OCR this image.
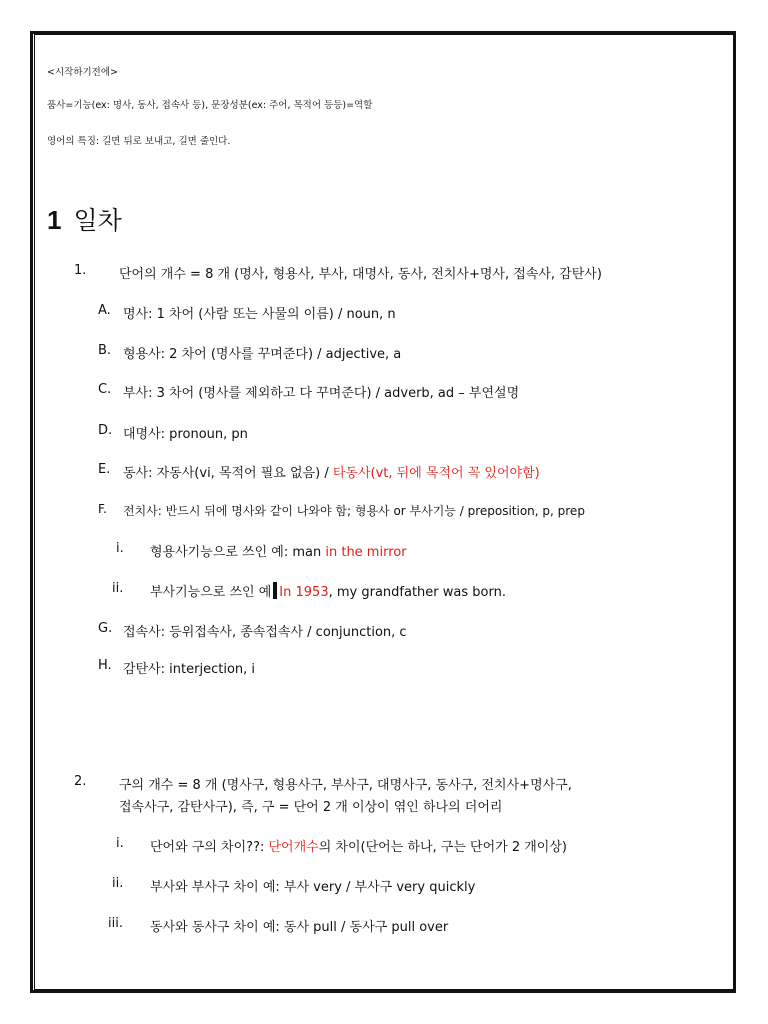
<시작하기전에>
품사=기능(ex: 명사, 동사, 접속사 등), 문장성분(ex: 주어, 목적어 등등)=역할
영어의 특징: 길면 뒤로 보내고, 길면 줄인다.
1 일차
1.	단어의 개수 = 8 개 (명사, 형용사, 부사, 대명사, 동사, 전치사+명사, 접속사, 감탄사)
A. 명사: 1 차어 (사람 또는 사물의 이름) / noun, n
B. 형용사: 2 차어 (명사를 꾸며준다) / adjective, a
C. 부사: 3 차어 (명사를 제외하고 다 꾸며준다) / adverb, ad – 부연설명
D. 대명사: pronoun, pn
E. 동사: 자동사(vi, 목적어 필요 없음) / 타동사(vt, 뒤에 목적어 꼭 있어야함)
F. 전치사: 반드시 뒤에 명사와 같이 나와야 함; 형용사 or 부사기능 / preposition, p, prep
i. 형용사기능으로 쓰인 예: man in the mirror
ii. 부사기능으로 쓰인 예 In 1953, my grandfather was born.
G. 접속사: 등위접속사, 종속접속사 / conjunction, c
H. 감탄사: interjection, i
2.	구의 개수 = 8 개 (명사구, 형용사구, 부사구, 대명사구, 동사구, 전치사+명사구,
접속사구, 감탄사구), 즉, 구 = 단어 2 개 이상이 엮인 하나의 더어리
i. 단어와 구의 차이??: 단어개수의 차이(단어는 하나, 구는 단어가 2 개이상)
ii. 부사와 부사구 차이 예: 부사 very / 부사구 very quickly
iii. 동사와 동사구 차이 예: 동사 pull / 동사구 pull over
